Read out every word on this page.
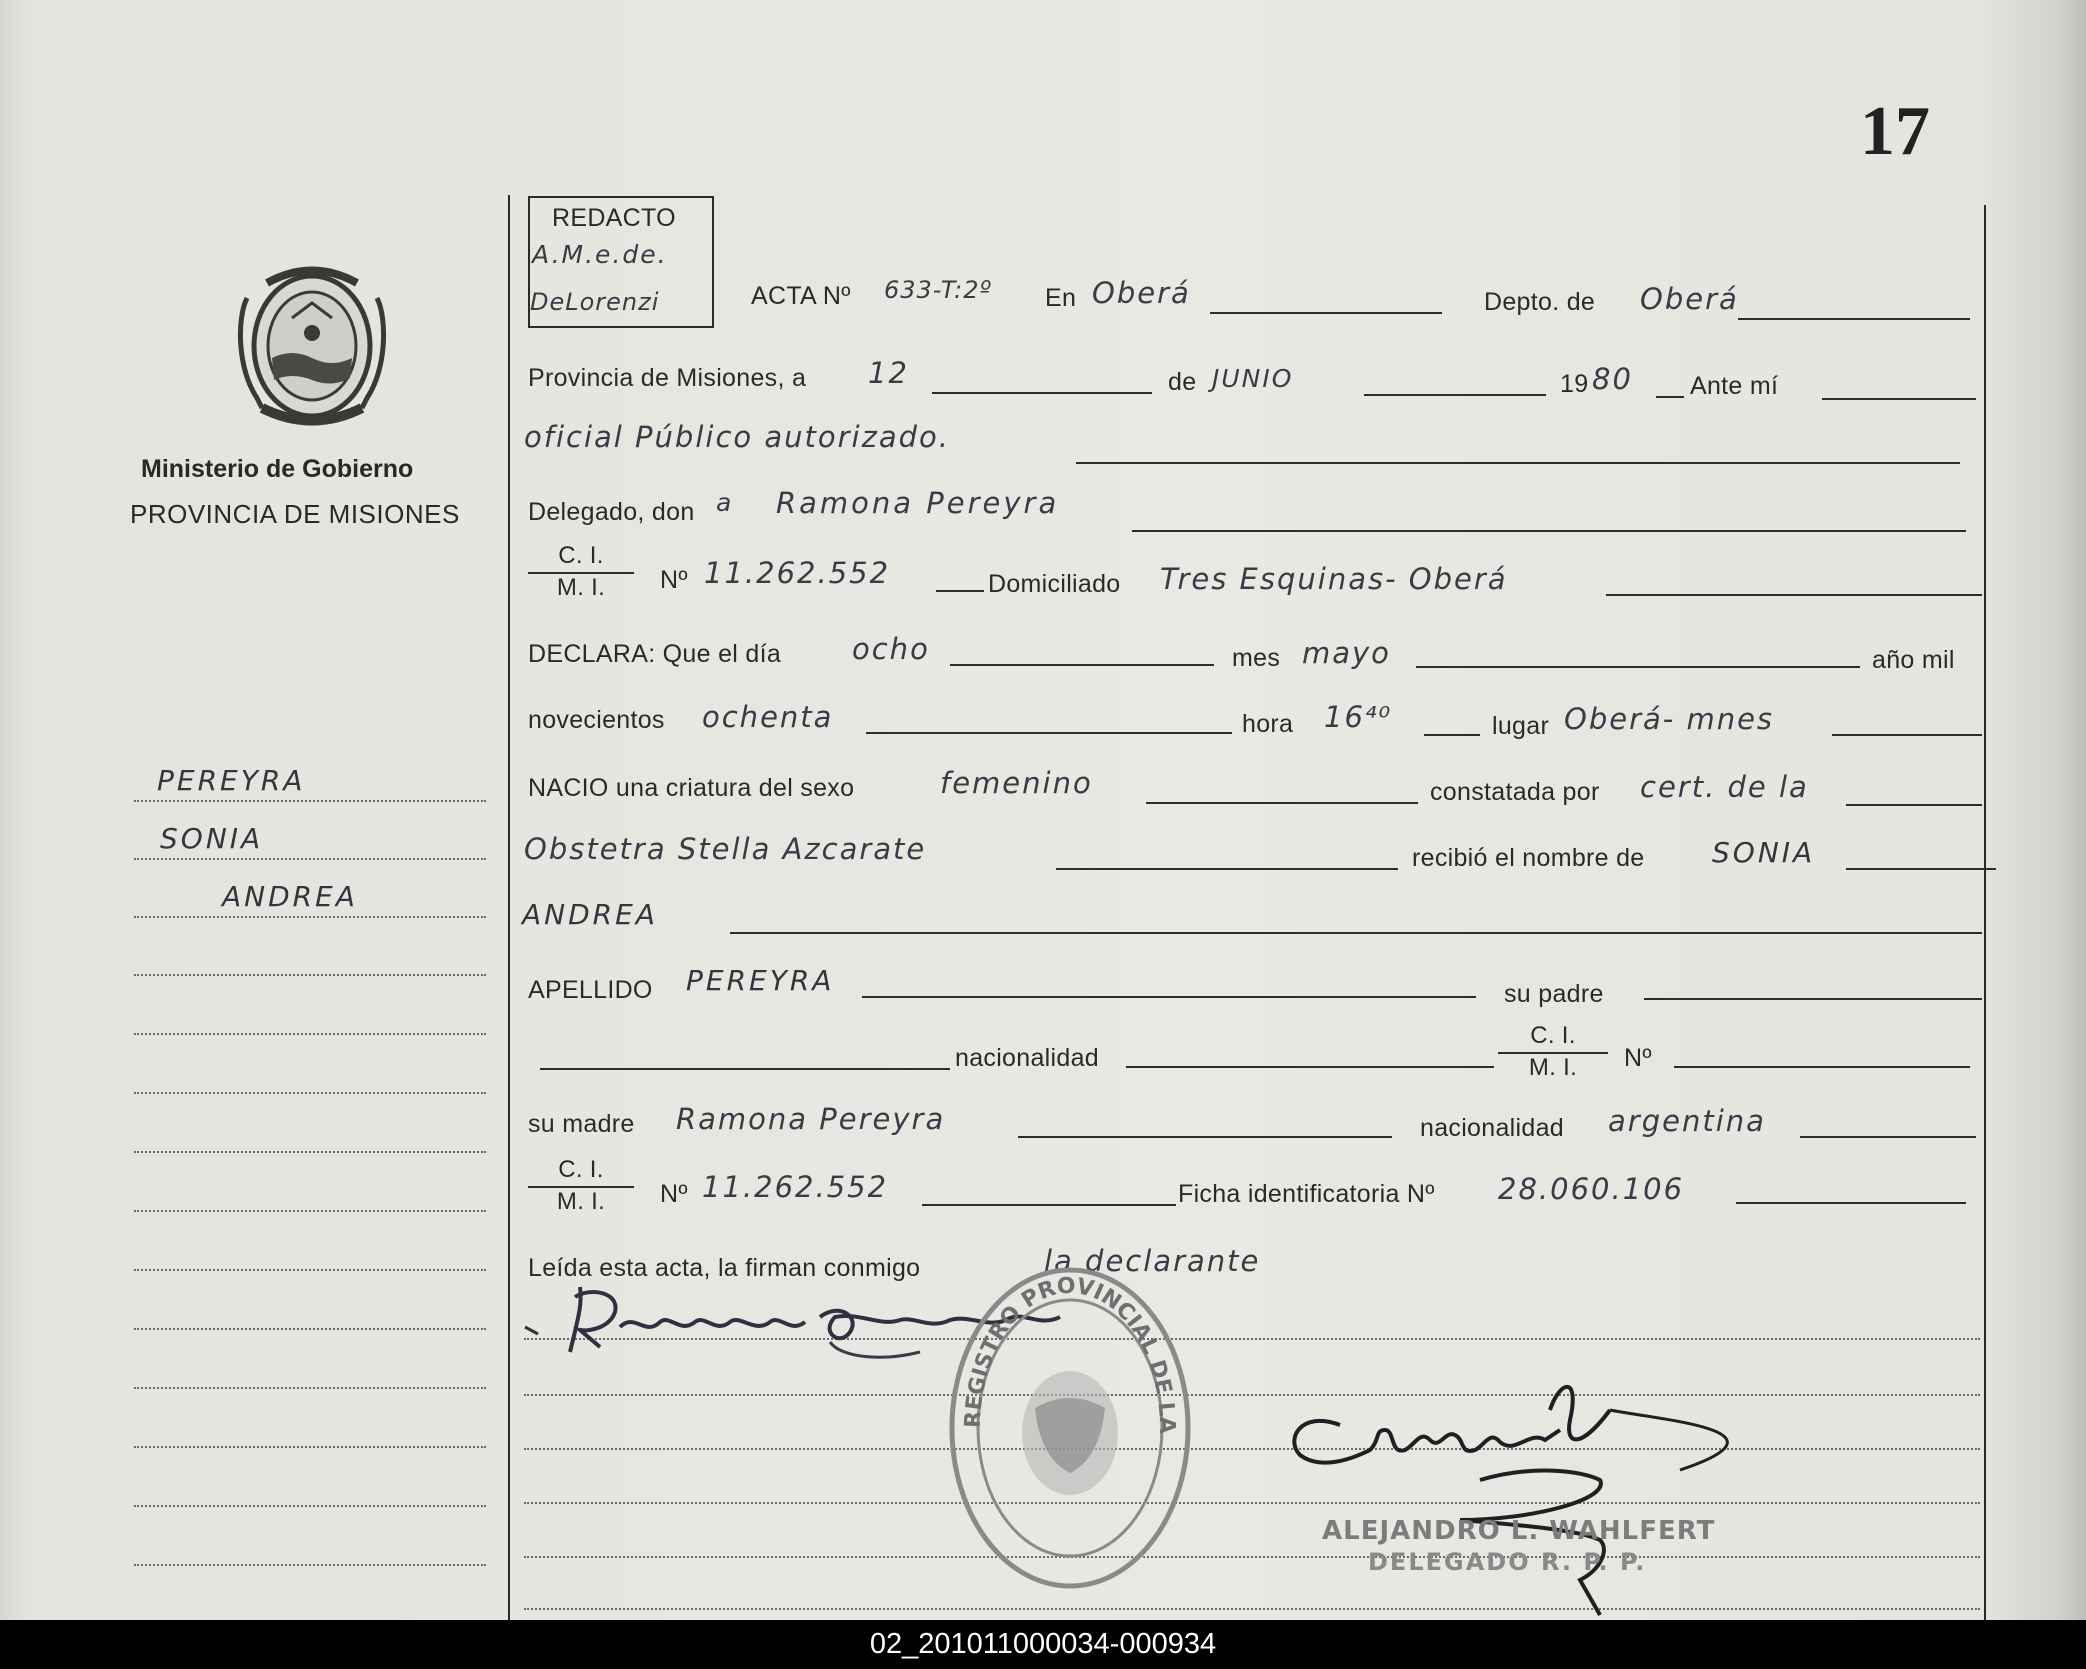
17
Ministerio de Gobierno
PROVINCIA DE MISIONES
PEREYRA
SONIA
ANDREA
REDACTO
A.M.e.de.
DeLorenzi	ACTA Nº 633-T:2º En Oberá	Depto. de Oberá
Provincia de Misiones, a 12	de JUNIO	19 80 Ante mí
oficial Público autorizado.
Delegado, don a Ramona Pereyra
$\frac{C. I.}{M. I.}$ Nº 11.262.552	Domiciliado Tres Esquinas- Oberá
DECLARA: Que el día ocho	mes mayo	año mil
novecientos ochenta	hora 16⁴⁰	lugar Oberá- mnes
NACIO una criatura del sexo	femenino	constatada por cert. de la
Obstetra Stella Azcarate	recibió el nombre de SONIA
ANDREA
APELLIDO PEREYRA	su padre
nacionalidad	$\frac{C. I.}{M. I.}$ Nº
su madre Ramona Pereyra	nacionalidad argentina
$\frac{C. I.}{M. I.}$ Nº 11.262.552	Ficha identificatoria Nº 28.060.106
Leída esta acta, la firman conmigo	la declarante
REGISTRO PROVINCIAL DE LA
ALEJANDRO L. WAHLFERT
DELEGADO R. P. P.
02_201011000034-000934
